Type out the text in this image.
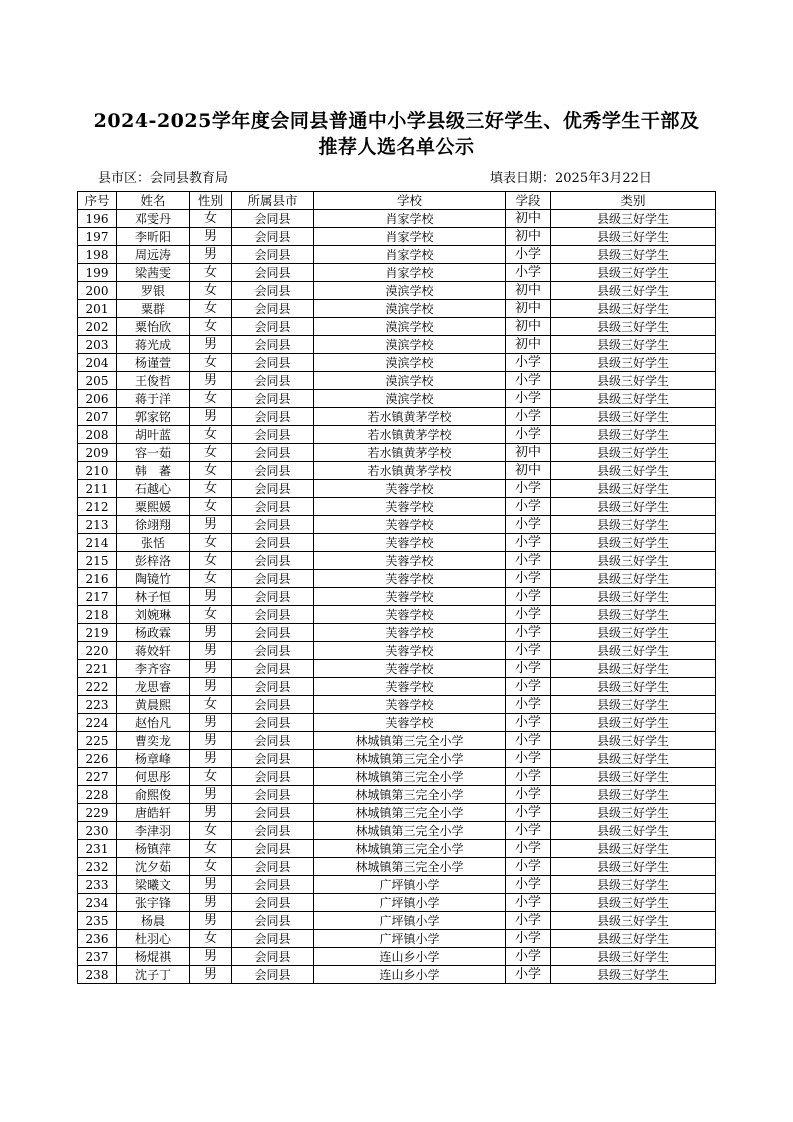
2024-2025学年度会同县普通中小学县级三好学生、优秀学生干部及
推荐人选名单公示
县市区：会同县教育局	填表日期：2025年3月22日
序号	姓名	性别	所属县市	学校	学段	类别
196	邓雯丹	女	会同县	肖家学校	初中	县级三好学生
197	李昕阳	男	会同县	肖家学校	初中	县级三好学生
198	周远涛	男	会同县	肖家学校	小学	县级三好学生
199	梁茜雯	女	会同县	肖家学校	小学	县级三好学生
200	罗银	女	会同县	漠滨学校	初中	县级三好学生
201	粟群	女	会同县	漠滨学校	初中	县级三好学生
202	粟怡欣	女	会同县	漠滨学校	初中	县级三好学生
203	蒋光成	男	会同县	漠滨学校	初中	县级三好学生
204	杨谨萱	女	会同县	漠滨学校	小学	县级三好学生
205	王俊哲	男	会同县	漠滨学校	小学	县级三好学生
206	蒋于洋	女	会同县	漠滨学校	小学	县级三好学生
207	郭家铭	男	会同县	若水镇黄茅学校	小学	县级三好学生
208	胡叶蓝	女	会同县	若水镇黄茅学校	小学	县级三好学生
209	容一茹	女	会同县	若水镇黄茅学校	初中	县级三好学生
210	韩　蕃	女	会同县	若水镇黄茅学校	初中	县级三好学生
211	石越心	女	会同县	芙蓉学校	小学	县级三好学生
212	粟熙媛	女	会同县	芙蓉学校	小学	县级三好学生
213	徐翊翔	男	会同县	芙蓉学校	小学	县级三好学生
214	张恬	女	会同县	芙蓉学校	小学	县级三好学生
215	彭梓洛	女	会同县	芙蓉学校	小学	县级三好学生
216	陶镜竹	女	会同县	芙蓉学校	小学	县级三好学生
217	林子恒	男	会同县	芙蓉学校	小学	县级三好学生
218	刘婉琳	女	会同县	芙蓉学校	小学	县级三好学生
219	杨政霖	男	会同县	芙蓉学校	小学	县级三好学生
220	蒋姣轩	男	会同县	芙蓉学校	小学	县级三好学生
221	李齐容	男	会同县	芙蓉学校	小学	县级三好学生
222	龙思睿	男	会同县	芙蓉学校	小学	县级三好学生
223	黄晨熙	女	会同县	芙蓉学校	小学	县级三好学生
224	赵怡凡	男	会同县	芙蓉学校	小学	县级三好学生
225	曹奕龙	男	会同县	林城镇第三完全小学	小学	县级三好学生
226	杨章峰	男	会同县	林城镇第三完全小学	小学	县级三好学生
227	何思彤	女	会同县	林城镇第三完全小学	小学	县级三好学生
228	俞熙俊	男	会同县	林城镇第三完全小学	小学	县级三好学生
229	唐皓轩	男	会同县	林城镇第三完全小学	小学	县级三好学生
230	李津羽	女	会同县	林城镇第三完全小学	小学	县级三好学生
231	杨镇萍	女	会同县	林城镇第三完全小学	小学	县级三好学生
232	沈夕茹	女	会同县	林城镇第三完全小学	小学	县级三好学生
233	梁曦文	男	会同县	广坪镇小学	小学	县级三好学生
234	张宇锋	男	会同县	广坪镇小学	小学	县级三好学生
235	杨晨	男	会同县	广坪镇小学	小学	县级三好学生
236	杜羽心	女	会同县	广坪镇小学	小学	县级三好学生
237	杨焜祺	男	会同县	连山乡小学	小学	县级三好学生
238	沈子丁	男	会同县	连山乡小学	小学	县级三好学生
